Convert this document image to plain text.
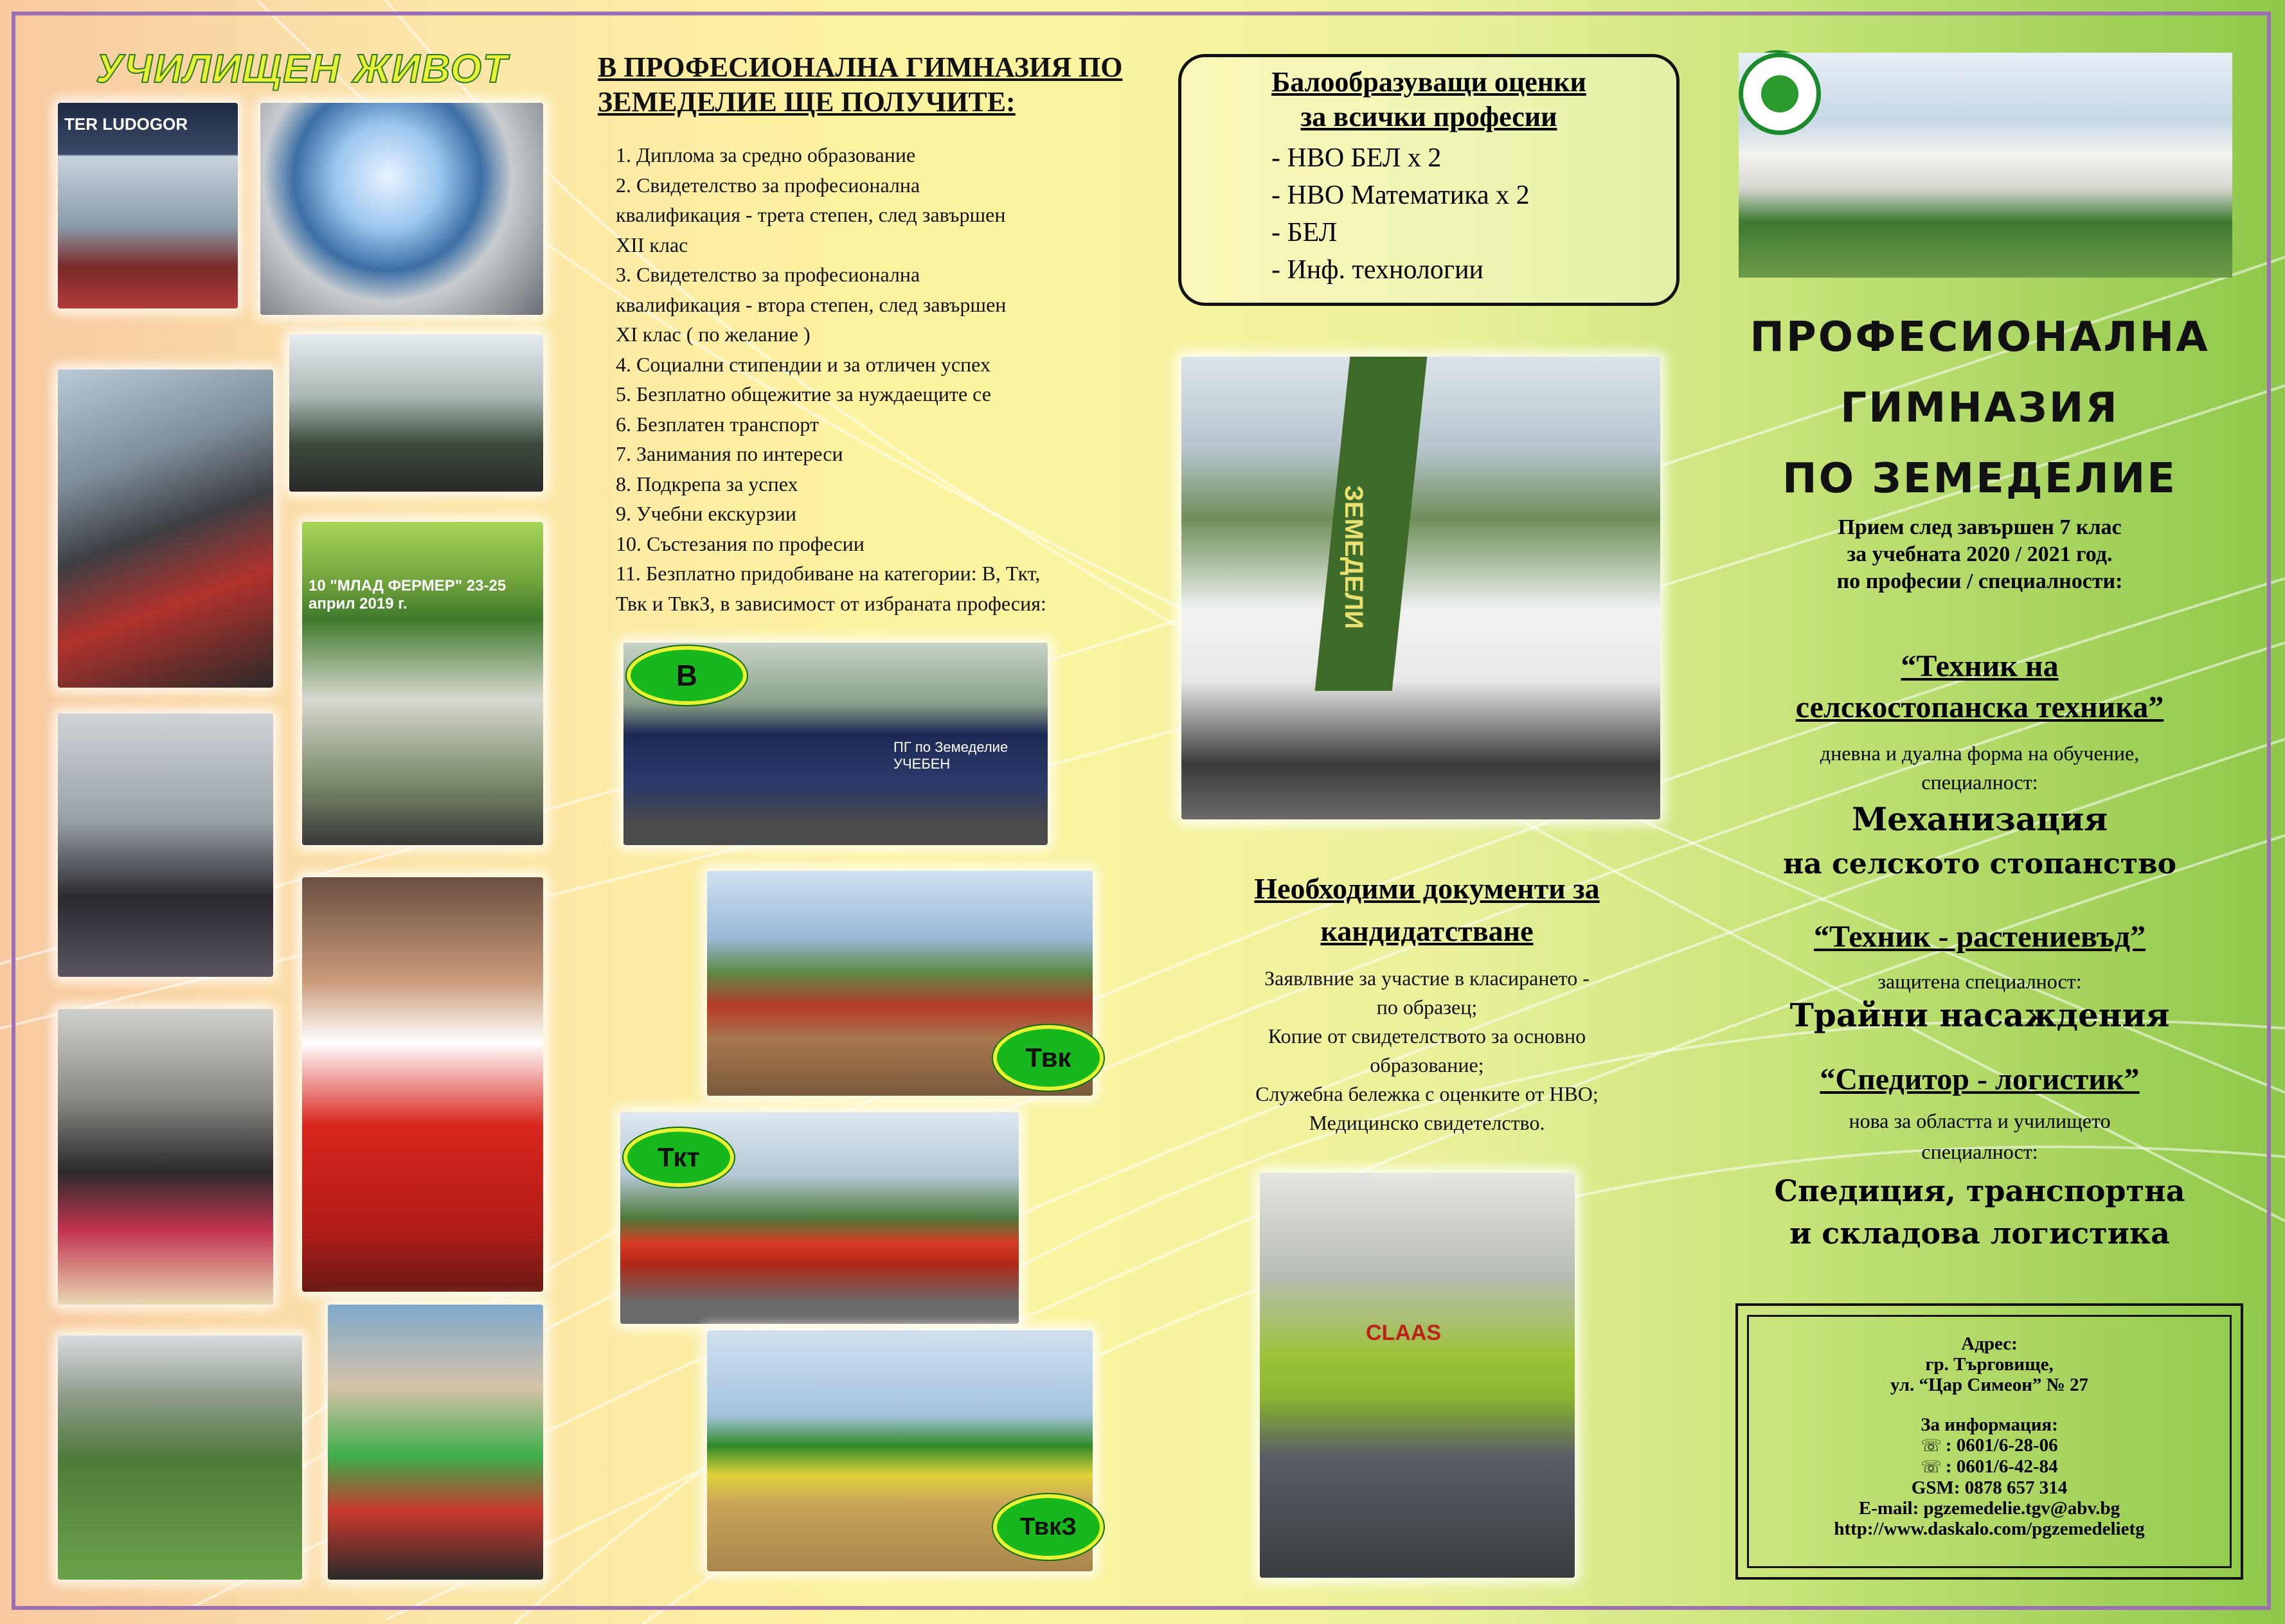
УЧИЛИЩЕН ЖИВОТ
TER LUDOGOR
10 "МЛАД ФЕРМЕР" 23-25 април 2019 г.
В ПРОФЕСИОНАЛНА ГИМНАЗИЯ ПО ЗЕМЕДЕЛИЕ ЩЕ ПОЛУЧИТЕ:
1. Диплома за средно образование
2. Свидетелство за професионална
квалификация - трета степен, след завършен
XII клас
3. Свидетелство за професионална
квалификация - втора степен, след завършен
XI клас ( по желание )
4. Социални стипендии и за отличен успех
5. Безплатно общежитие за нуждаещите се
6. Безплатен транспорт
7. Занимания по интереси
8. Подкрепа за успех
9. Учебни екскурзии
10. Състезания по професии
11. Безплатно придобиване на категории: В, Ткт,
Твк и ТвкЗ, в зависимост от избраната професия:
ПГ по Земеделие УЧЕБЕН
B
Твк
Ткт
ТвкЗ
Балообразуващи оценки
за всички професии
- НВО БЕЛ x 2
- НВО Математика x 2
- БЕЛ
- Инф. технологии
ЗЕМЕДЕЛИ
Необходими документи за кандидатстване
Заявлвние за участие в класирането -
по образец;
Копие от свидетелството за основно
образование;
Служебна бележка с оценките от НВО;
Медицинско свидетелство.
CLAAS
ПРОФЕСИОНАЛНА
ГИМНАЗИЯ
ПО ЗЕМЕДЕЛИЕ
Прием след завършен 7 клас
за учебната 2020 / 2021 год.
по професии / специалности:
“Техник на
селскостопанска техника”
дневна и дуална форма на обучение,
специалност:
Механизация
на селското стопанство
“Техник - растениевъд”
защитена специалност:
Трайни насаждения
“Спедитор - логистик”
нова за областта и училището
специалност:
Спедиция, транспортна
и складова логистика
Адрес:
гр. Търговище,
ул. “Цар Симеон” № 27
За информация:
☏ : 0601/6-28-06
☏ : 0601/6-42-84
GSM: 0878 657 314
E-mail: pgzemedelie.tgv@abv.bg
http://www.daskalo.com/pgzemedelietg
